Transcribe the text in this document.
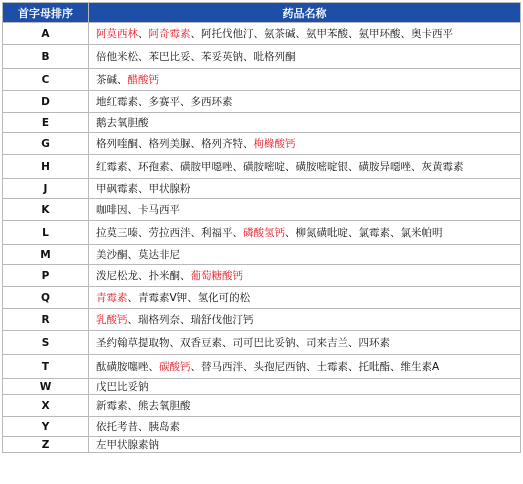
首字母排序	药品名称
A	阿莫西林、阿奇霉素、阿托伐他汀、氨茶碱、氨甲苯酸、氨甲环酸、奥卡西平
B	倍他米松、苯巴比妥、苯妥英钠、吡格列酮
C	茶碱、醋酸钙
D	地红霉素、多赛平、多西环素
E	鹅去氧胆酸
G	格列喹酮、格列美脲、格列齐特、枸橼酸钙
H	红霉素、环孢素、磺胺甲噁唑、磺胺嘧啶、磺胺嘧啶银、磺胺异噁唑、灰黄霉素
J	甲砜霉素、甲状腺粉
K	咖啡因、卡马西平
L	拉莫三嗪、劳拉西泮、利福平、磷酸氢钙、柳氮磺吡啶、氯霉素、氯米帕明
M	美沙酮、莫达非尼
P	泼尼松龙、扑米酮、葡萄糖酸钙
Q	青霉素、青霉素V钾、氢化可的松
R	乳酸钙、瑞格列奈、瑞舒伐他汀钙
S	圣约翰草提取物、双香豆素、司可巴比妥钠、司来吉兰、四环素
T	酞磺胺噻唑、碳酸钙、替马西泮、头孢尼西钠、土霉素、托吡酯、维生素A
W	戊巴比妥钠
X	新霉素、熊去氧胆酸
Y	依托考昔、胰岛素
Z	左甲状腺素钠
